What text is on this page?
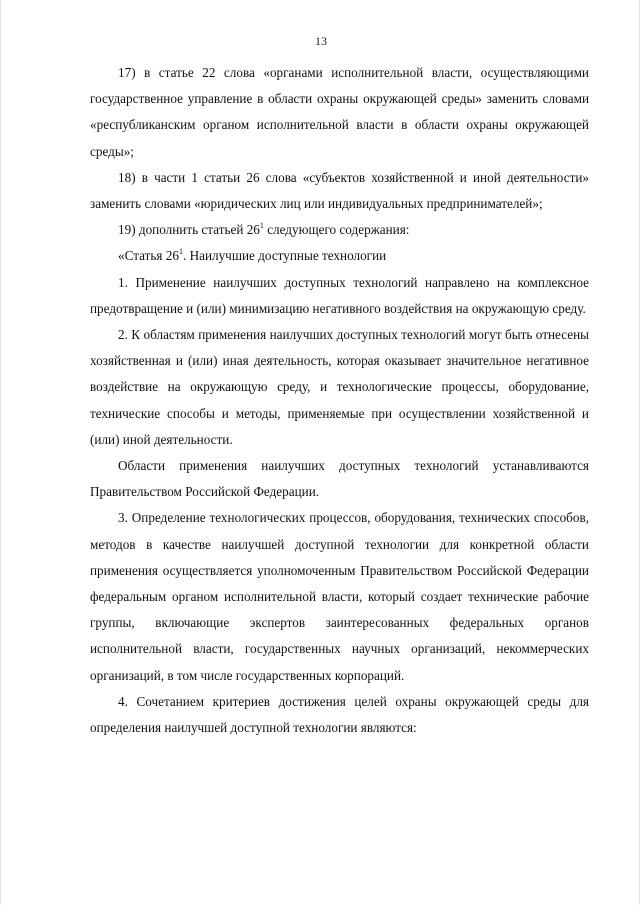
13

17) в статье 22 слова «органами исполнительной власти, осуществляющими государственное управление в области охраны окружающей среды» заменить словами «республиканским органом исполнительной власти в области охраны окружающей среды»;

18) в части 1 статьи 26 слова «субъектов хозяйственной и иной деятельности» заменить словами «юридических лиц или индивидуальных предпринимателей»;

19) дополнить статьей $26^1$ следующего содержания:

«Статья $26^1$. Наилучшие доступные технологии

1. Применение наилучших доступных технологий направлено на комплексное предотвращение и (или) минимизацию негативного воздействия на окружающую среду.

2. К областям применения наилучших доступных технологий могут быть отнесены хозяйственная и (или) иная деятельность, которая оказывает значительное негативное воздействие на окружающую среду, и технологические процессы, оборудование, технические способы и методы, применяемые при осуществлении хозяйственной и (или) иной деятельности.

Области применения наилучших доступных технологий устанавливаются Правительством Российской Федерации.

3. Определение технологических процессов, оборудования, технических способов, методов в качестве наилучшей доступной технологии для конкретной области применения осуществляется уполномоченным Правительством Российской Федерации федеральным органом исполнительной власти, который создает технические рабочие группы, включающие экспертов заинтересованных федеральных органов исполнительной власти, государственных научных организаций, некоммерческих организаций, в том числе государственных корпораций.

4. Сочетанием критериев достижения целей охраны окружающей среды для определения наилучшей доступной технологии являются:
